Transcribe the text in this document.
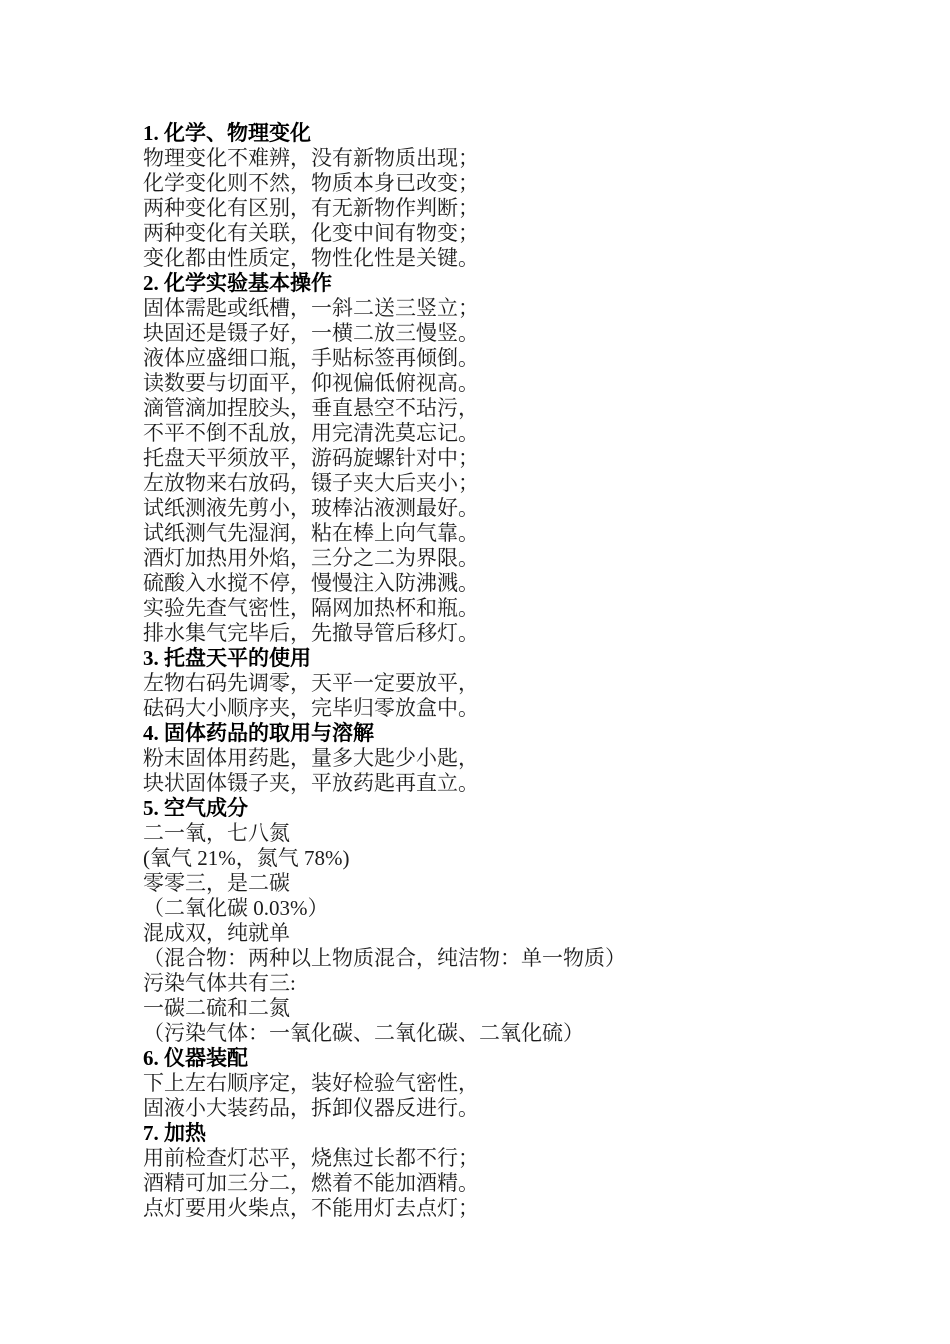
1. 化学、物理变化

物理变化不难辨，没有新物质出现；

化学变化则不然，物质本身已改变；

两种变化有区别，有无新物作判断；

两种变化有关联，化变中间有物变；

变化都由性质定，物性化性是关键。

2. 化学实验基本操作

固体需匙或纸槽，一斜二送三竖立；

块固还是镊子好，一横二放三慢竖。

液体应盛细口瓶，手贴标签再倾倒。

读数要与切面平，仰视偏低俯视高。

滴管滴加捏胶头，垂直悬空不玷污，

不平不倒不乱放，用完清洗莫忘记。

托盘天平须放平，游码旋螺针对中；

左放物来右放码，镊子夹大后夹小；

试纸测液先剪小，玻棒沾液测最好。

试纸测气先湿润，粘在棒上向气靠。

酒灯加热用外焰，三分之二为界限。

硫酸入水搅不停，慢慢注入防沸溅。

实验先查气密性，隔网加热杯和瓶。

排水集气完毕后，先撤导管后移灯。

3. 托盘天平的使用

左物右码先调零，天平一定要放平，

砝码大小顺序夹，完毕归零放盒中。

4. 固体药品的取用与溶解

粉末固体用药匙，量多大匙少小匙，

块状固体镊子夹，平放药匙再直立。

5. 空气成分

二一氧，七八氮

(氧气 21%，氮气 78%)

零零三，是二碳

（二氧化碳 0.03%）

混成双，纯就单

（混合物：两种以上物质混合，纯洁物：单一物质）

污染气体共有三:

一碳二硫和二氮

（污染气体：一氧化碳、二氧化碳、二氧化硫）

6. 仪器装配

下上左右顺序定，装好检验气密性，

固液小大装药品，拆卸仪器反进行。

7. 加热

用前检查灯芯平，烧焦过长都不行；

酒精可加三分二，燃着不能加酒精。

点灯要用火柴点，不能用灯去点灯；
